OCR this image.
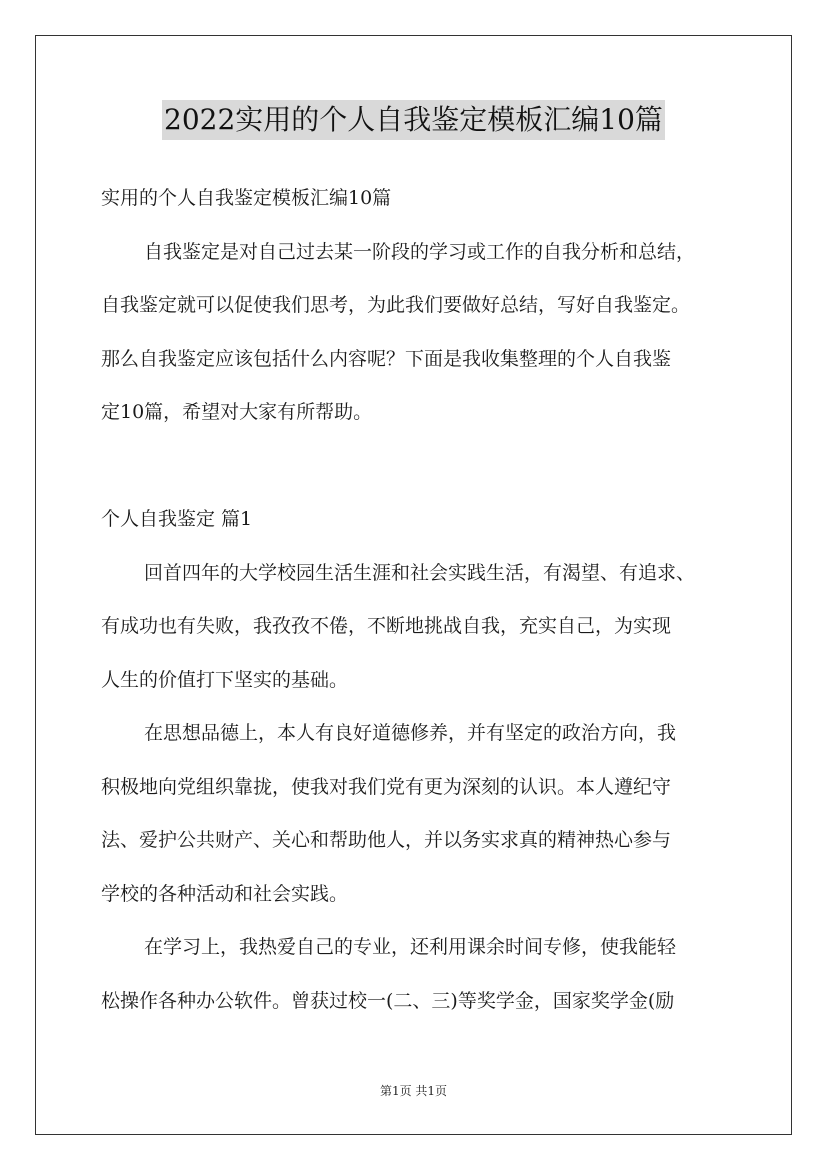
2022实用的个人自我鉴定模板汇编10篇
实用的个人自我鉴定模板汇编10篇
自我鉴定是对自己过去某一阶段的学习或工作的自我分析和总结，
自我鉴定就可以促使我们思考，为此我们要做好总结，写好自我鉴定。
那么自我鉴定应该包括什么内容呢？下面是我收集整理的个人自我鉴
定10篇，希望对大家有所帮助。
个人自我鉴定 篇1
回首四年的大学校园生活生涯和社会实践生活，有渴望、有追求、
有成功也有失败，我孜孜不倦，不断地挑战自我，充实自己，为实现
人生的价值打下坚实的基础。
在思想品德上，本人有良好道德修养，并有坚定的政治方向，我
积极地向党组织靠拢，使我对我们党有更为深刻的认识。本人遵纪守
法、爱护公共财产、关心和帮助他人，并以务实求真的精神热心参与
学校的各种活动和社会实践。
在学习上，我热爱自己的专业，还利用课余时间专修，使我能轻
松操作各种办公软件。曾获过校一(二、三)等奖学金，国家奖学金(励
第1页 共1页
